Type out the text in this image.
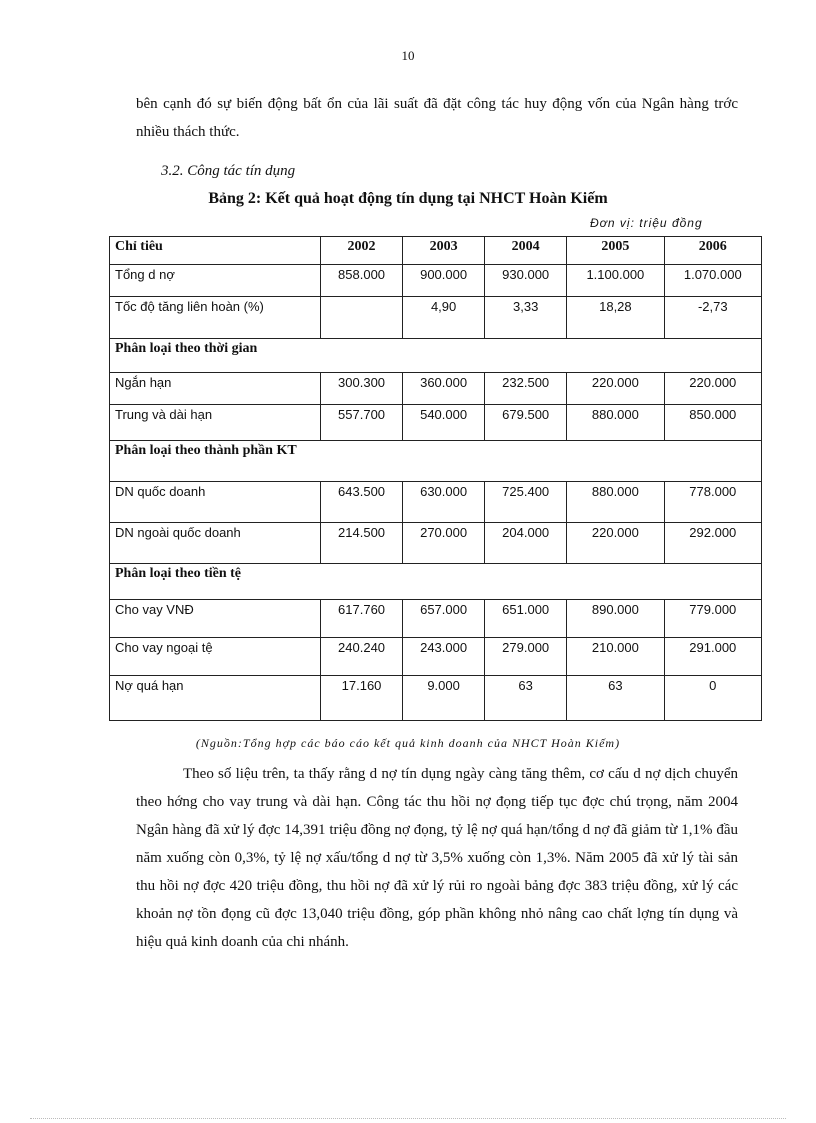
10

bên cạnh đó sự biến động bất ổn của lãi suất đã đặt công tác huy động vốn của Ngân hàng trớc nhiều thách thức.

3.2. Công tác tín dụng
Bảng 2: Kết quả hoạt động tín dụng tại NHCT Hoàn Kiếm
Đơn vị: triệu đồng
Chỉ tiêu	2002	2003	2004	2005	2006
Tổng d nợ	858.000	900.000	930.000	1.100.000	1.070.000
Tốc độ tăng liên hoàn (%)		4,90	3,33	18,28	-2,73
Phân loại theo thời gian					
Ngắn hạn	300.300	360.000	232.500	220.000	220.000
Trung và dài hạn	557.700	540.000	679.500	880.000	850.000
Phân loại theo thành phần KT					
DN quốc doanh	643.500	630.000	725.400	880.000	778.000
DN ngoài quốc doanh	214.500	270.000	204.000	220.000	292.000
Phân loại theo tiền tệ					
Cho vay VNĐ	617.760	657.000	651.000	890.000	779.000
Cho vay ngoại tệ	240.240	243.000	279.000	210.000	291.000
Nợ quá hạn	17.160	9.000	63	63	0
(Nguồn:Tổng hợp các báo cáo kết quả kinh doanh của NHCT Hoàn Kiếm)

Theo số liệu trên, ta thấy rằng d nợ tín dụng ngày càng tăng thêm, cơ cấu d nợ dịch chuyển theo hớng cho vay trung và dài hạn. Công tác thu hồi nợ đọng tiếp tục đợc chú trọng, năm 2004 Ngân hàng đã xử lý đợc 14,391 triệu đồng nợ đọng, tỷ lệ nợ quá hạn/tổng d nợ đã giảm từ 1,1% đầu năm xuống còn 0,3%, tỷ lệ nợ xấu/tổng d nợ từ 3,5% xuống còn 1,3%. Năm 2005 đã xử lý tài sản thu hồi nợ đợc 420 triệu đồng, thu hồi nợ đã xử lý rủi ro ngoài bảng đợc 383 triệu đồng, xử lý các khoản nợ tồn đọng cũ đợc 13,040 triệu đồng, góp phần không nhỏ nâng cao chất lợng tín dụng và hiệu quả kinh doanh của chi nhánh.
